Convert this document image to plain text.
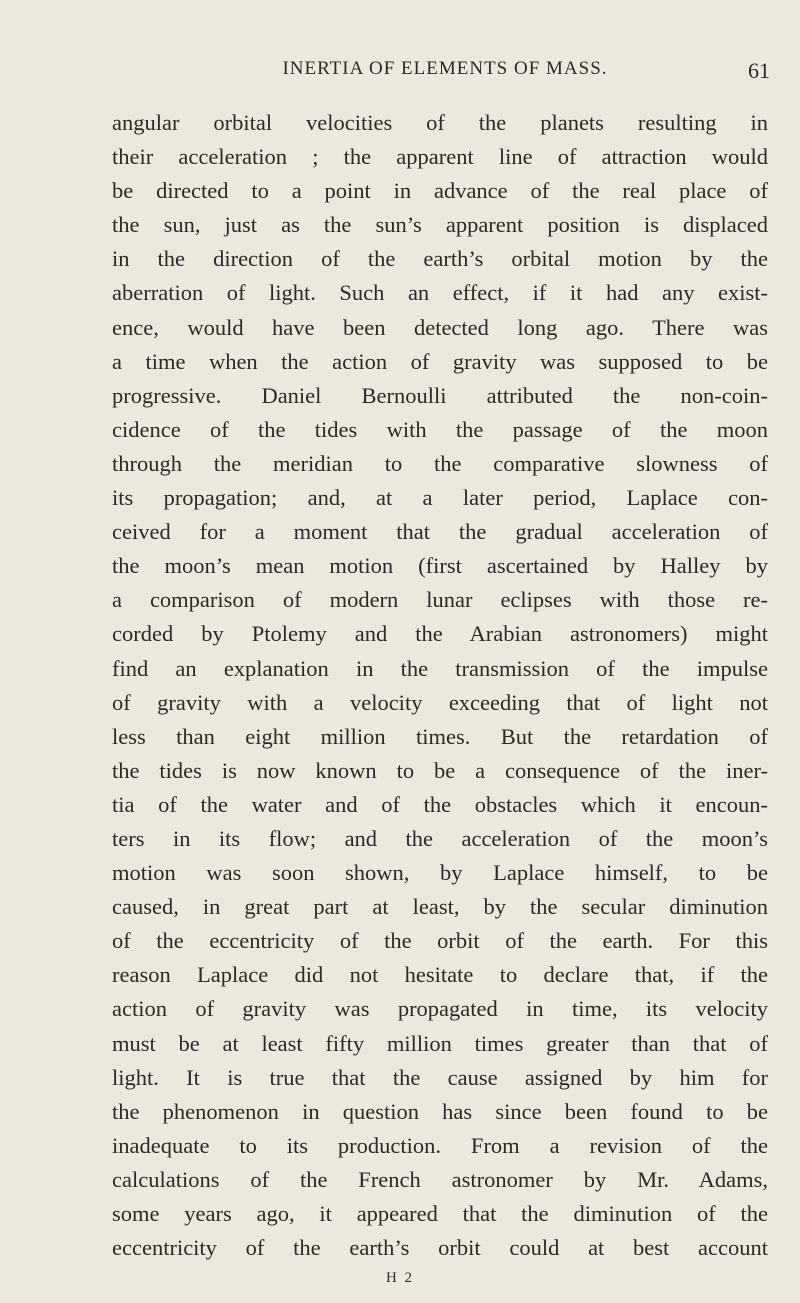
INERTIA OF ELEMENTS OF MASS.	61
angular orbital velocities of the planets resulting in
their acceleration ; the apparent line of attraction would
be directed to a point in advance of the real place of
the sun, just as the sun’s apparent position is displaced
in the direction of the earth’s orbital motion by the
aberration of light. Such an effect, if it had any exist-
ence, would have been detected long ago. There was
a time when the action of gravity was supposed to be
progressive. Daniel Bernoulli attributed the non-coin-
cidence of the tides with the passage of the moon
through the meridian to the comparative slowness of
its propagation; and, at a later period, Laplace con-
ceived for a moment that the gradual acceleration of
the moon’s mean motion (first ascertained by Halley by
a comparison of modern lunar eclipses with those re-
corded by Ptolemy and the Arabian astronomers) might
find an explanation in the transmission of the impulse
of gravity with a velocity exceeding that of light not
less than eight million times. But the retardation of
the tides is now known to be a consequence of the iner-
tia of the water and of the obstacles which it encoun-
ters in its flow; and the acceleration of the moon’s
motion was soon shown, by Laplace himself, to be
caused, in great part at least, by the secular diminution
of the eccentricity of the orbit of the earth. For this
reason Laplace did not hesitate to declare that, if the
action of gravity was propagated in time, its velocity
must be at least fifty million times greater than that of
light. It is true that the cause assigned by him for
the phenomenon in question has since been found to be
inadequate to its production. From a revision of the
calculations of the French astronomer by Mr. Adams,
some years ago, it appeared that the diminution of the
eccentricity of the earth’s orbit could at best account
H 2
